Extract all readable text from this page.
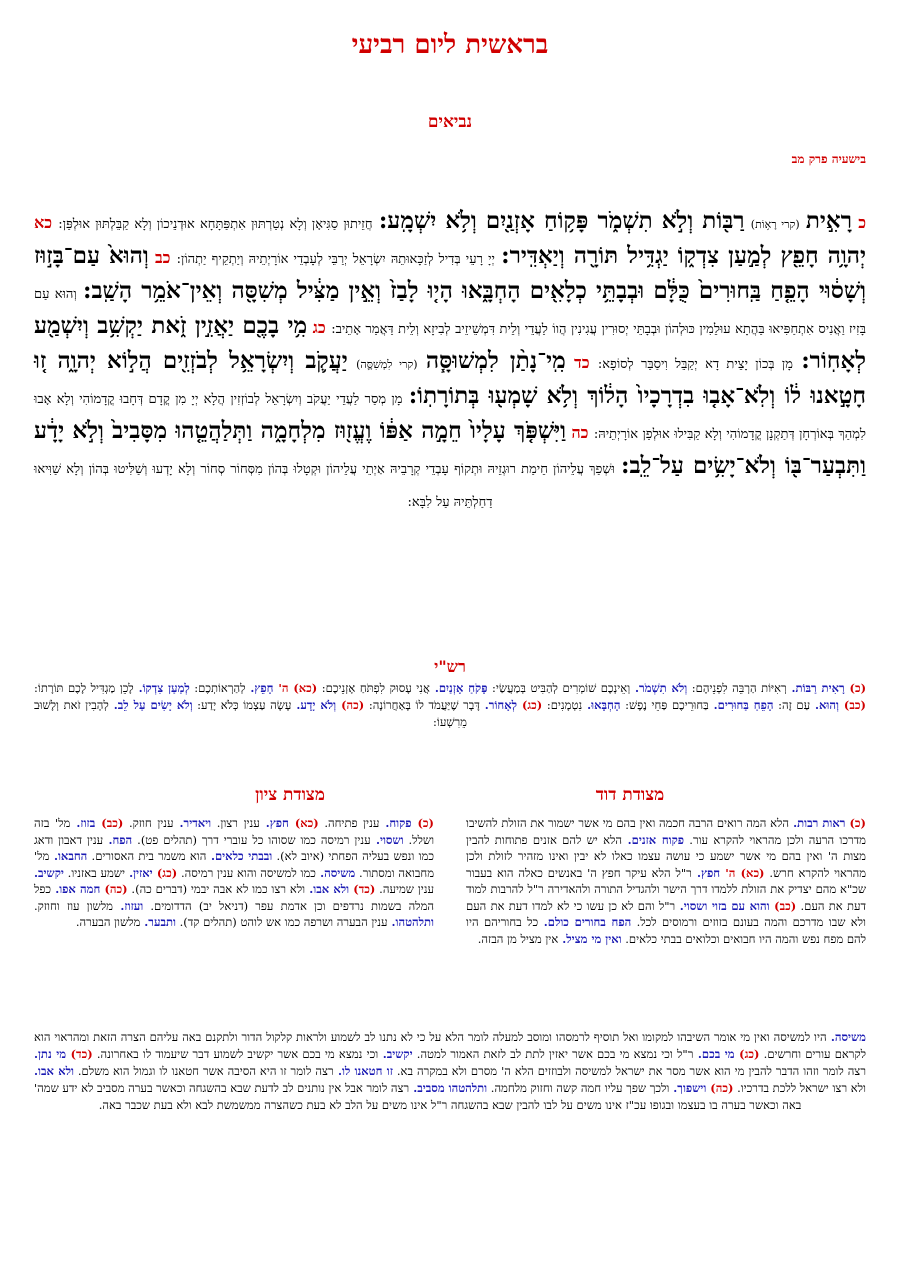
בראשית ליום רביעי
נביאים
בישעיה פרק מב
כ רָאִ֣ית (קרי רָא֥וֹת) רַבּ֖וֹת וְלֹ֣א תִשְׁמֹ֑ר פָּק֥וֹחַ אָזְנַ֖יִם וְלֹ֥א יִשְׁמָֽע: חֲזֵיתוּן סַגִּיאָן וְלָא נְטַרְתּוּן אִתְפַּתָּחָא אוּדְנֵיכוֹן וְלָא קַבֵּלְתּוּן אוּלְפַּן: כא יְהוָ֥ה חָפֵ֖ץ לְמַ֣עַן צִדְק֑וֹ יַגְדִּ֥יל תּוֹרָ֖ה וְיַאְדִּֽיר: יְיָ רָעֵי בְּדִיל לְזַכָּאוּתֵהּ יִשְׂרָאֵל יְרַבֵּי לְעָבְדֵי אוֹרָיְתֵיהּ וְיַתְקֵיף יַתְהוֹן: כב וְהוּא֙ עַם־בָּז֣וּז וְשָׁס֔וּי הָפֵ֤חַ בַּֽחוּרִים֙ כֻּלָּ֔ם וּבְבָתֵּ֥י כְלָאִ֖ים הָחְבָּ֑אוּ הָי֤וּ לָבַז֙ וְאֵ֣ין מַצִּ֔יל מְשִׁסָּ֖ה וְאֵין־אֹמֵ֥ר הָשַֽׁב: וְהוּא עַם בָּזִיז וַאֲנִיס אִתְחַפִּיאוּ בַּהֲתָא עוּלֵמִין כּוּלְהוֹן וּבְבָתֵּי יְסוּרִין עֲגִינִין הֲווֹ לַעֲדֵי וְלֵית דִּמְשֵׁיזֵיב לְבִיזָא וְלֵית דַּאֲמַר אָתֵיב: כג מִ֥י בָכֶ֖ם יַאֲזִ֣ין זֹ֑את יַקְשִׁ֥ב וְיִשְׁמַ֖ע לְאָחֽוֹר: מָן בְּכוֹן יָצֵית דָא יְקַבֵּל וִיסַבַּר לְסוֹפָא: כד מִֽי־נָתַ֨ן לִמְשׁוּסָּ֧ה (קרי לִמְשִׁסָּ֛ה) יַעֲקֹ֛ב וְיִשְׂרָאֵ֥ל לְבֹזְזִ֖ים הֲל֣וֹא יְהוָ֑ה ז֚וּ חָטָ֣אנוּ ל֔וֹ וְלֹֽא־אָב֤וּ בִדְרָכָיו֙ הָל֔וֹךְ וְלֹ֥א שָׁמְע֖וּ בְּתוֹרָתֽוֹ: מָן מְסַר לַעֲדֵי יַעֲקֹב וְיִשְׂרָאֵל לְבוֹזְזִין הֲלָא יְיָ מִן קֳדָם דְּחָבוּ קֳדָמוֹהִי וְלָא אָבוּ לִמְהַךְ בְּאוֹרְחָן דְּתַקְנָן קֳדָמוֹהִי וְלָא קַבִּילוּ אוּלְפַן אוֹרָיְתֵיהּ: כה וַיִּשְׁפֹּ֤ךְ עָלָיו֙ חֵמָ֣ה אַפּ֔וֹ וֶעֱז֖וּז מִלְחָמָ֑ה וַתְּלַהֲטֵ֤הוּ מִסָּבִיב֙ וְלֹ֣א יָדָ֔ע וַתִּבְעַר־בּ֖וֹ וְלֹא־יָשִׂ֥ים עַל־לֵֽב: וּשְׁפַךְ עֲלֵיהוֹן חֵימַת רוּגְזֵיהּ וּתְקוֹף עָבְדֵי קְרָבֵיהּ אַיְתֵי עֲלֵיהוֹן וּקְטָלוּ בְּהוֹן מִסְּחוֹר סְחוֹר וְלָא יָדְעוּ וְשַׁלִּיטוּ בְּהוֹן וְלָא שַׁוִּיאוּ דַחַלְתֵּיהּ עַל לִבָּא:
רש"י
(כ) רָאִית רַבּוֹת. רְאִיּוֹת הַרְבֵּה לִפְנֵיהֶם: וְלֹא תִשְׁמֹר. וְאֵינְכֶם שׁוֹמְרִים לְהַבִּיט בְּמַעֲשַׂי: פָּקֹחַ אָזְנַיִם. אֲנִי עָסוּק לִפְתֹּחַ אָזְנֵיכֶם: (כא) ה' חָפֵץ. לְהַרְאוֹתְכֶם: לְמַעַן צִדְקוֹ. לָכֵן מַגְדִּיל לָכֶם תּוֹרָתוֹ: (כב) וְהוּא. עַם זֶה: הָפֵחַ בַּחוּרִים. בַּחוּרֵיכֶם פַּחֵי נֶפֶשׁ: הָחְבָּאוּ. נִטְמָנִים: (כג) לְאָחוֹר. דָּבָר שֶׁיַּעֲמֹד לוֹ בָּאַחֲרוֹנָה: (כה) וְלֹא יָדָע. עָשָׂה עַצְמוֹ כְּלֹא יָדַע: וְלֹא יָשִׂים עַל לֵב. לְהָבִין זֹאת וְלָשׁוּב מֵרִשְׁעוֹ:
מצודת דוד
מצודת ציון
(כ) ראות רבות. הלא המה רואים הרבה חכמה ואין בהם מי אשר ישמור את הזולת להשיבו מדרכו הרעה ולכן מהראוי להקרא עור. פקוח אזנים. הלא יש להם אזנים פתוחות להבין מצות ה' ואין בהם מי אשר ישמע כי עושה עצמו כאלו לא יבין ואינו מזהיר לזולת ולכן מהראוי להקרא חרש. (כא) ה' חפץ. ר"ל הלא עיקר חפץ ה' באנשים כאלה הוא בעבור שכ"א מהם יצדיק את הזולת ללמדו דרך הישר ולהגדיל התורה ולהאדירה ר"ל להרבות למוד דעת את העם. (כב) והוא עם בזוי ושסוי. ר"ל והם לא כן עשו כי לא למדו דעת את העם ולא שבו מדרכם והמה בעונם בזוזים ורמוסים לכל. הפח בחורים כולם. כל בחוריהם היו להם מפח נפש והמה היו חבואים וכלואים בבתי כלאים. ואין מי מציל. אין מציל מן הבזה.
(כ) פקוח. ענין פתיחה. (כא) חפץ. ענין רצון. ויאדיר. ענין חוזק. (כב) בזוז. מל' בזה ושלל. ושסוי. ענין רמיסה כמו שסוהו כל עוברי דרך (תהלים פט). הפח. ענין דאבון ודאג כמו ונפש בעליה הפחתי (איוב לא). ובבתי כלאים. הוא משמר בית האסורים. החבאו. מל' מחבואה ומסתור. משיסה. כמו למשיסה והוא ענין רמיסה. (כג) יאזין. ישמע באזניו. יקשיב. ענין שמיעה. (כד) ולא אבו. ולא רצו כמו לא אבה יבמי (דברים כה). (כה) חמה אפו. כפל המלה בשמות נרדפים וכן אדמת עפר (דניאל יב) הדדומים. ועזוז. מלשון עוז וחוזק. ותלהטהו. ענין הבערה ושרפה כמו אש לוהט (תהלים קד). ותבער. מלשון הבערה.
משיסה. היו למשיסה ואין מי אומר השיבהו למקומו ואל תוסיף לרמסהו ומוסב למעלה לומר הלא על כי לא נתנו לב לשמוע ולראות קלקול הדור ולתקנם באה עליהם הצרה הזאת ומהראוי הוא לקראם עורים וחרשים. (כג) מי בכם. ר"ל וכי נמצא מי בכם אשר יאזין לתת לב לזאת האמור למטה. יקשיב. וכי נמצא מי בכם אשר יקשיב לשמוע דבר שיעמוד לו באחרונה. (כד) מי נתן. רצה לומר וזהו הדבר להבין מי הוא אשר מסר את ישראל למשיסה ולבוזזים הלא ה' מסרם ולא במקרה בא. זו חטאנו לו. רצה לומר זו היא הסיבה אשר חטאנו לו וגמול הוא משלם. ולא אבו. ולא רצו ישראל ללכת בדרכיו. (כה) וישפוך. ולכך שפך עליו חמה קשה וחזוק מלחמה. ותלהטהו מסביב. רצה לומר אבל אין נותנים לב לדעת שבא בהשגחה וכאשר בערה מסביב לא ידע שמה' באה וכאשר בערה בו בעצמו ובגופו עכ"ז אינו משים על לבו להבין שבא בהשגחה ר"ל אינו משים על הלב לא בעת כשהצרה ממשמשת לבא ולא בעת שכבר באה.
